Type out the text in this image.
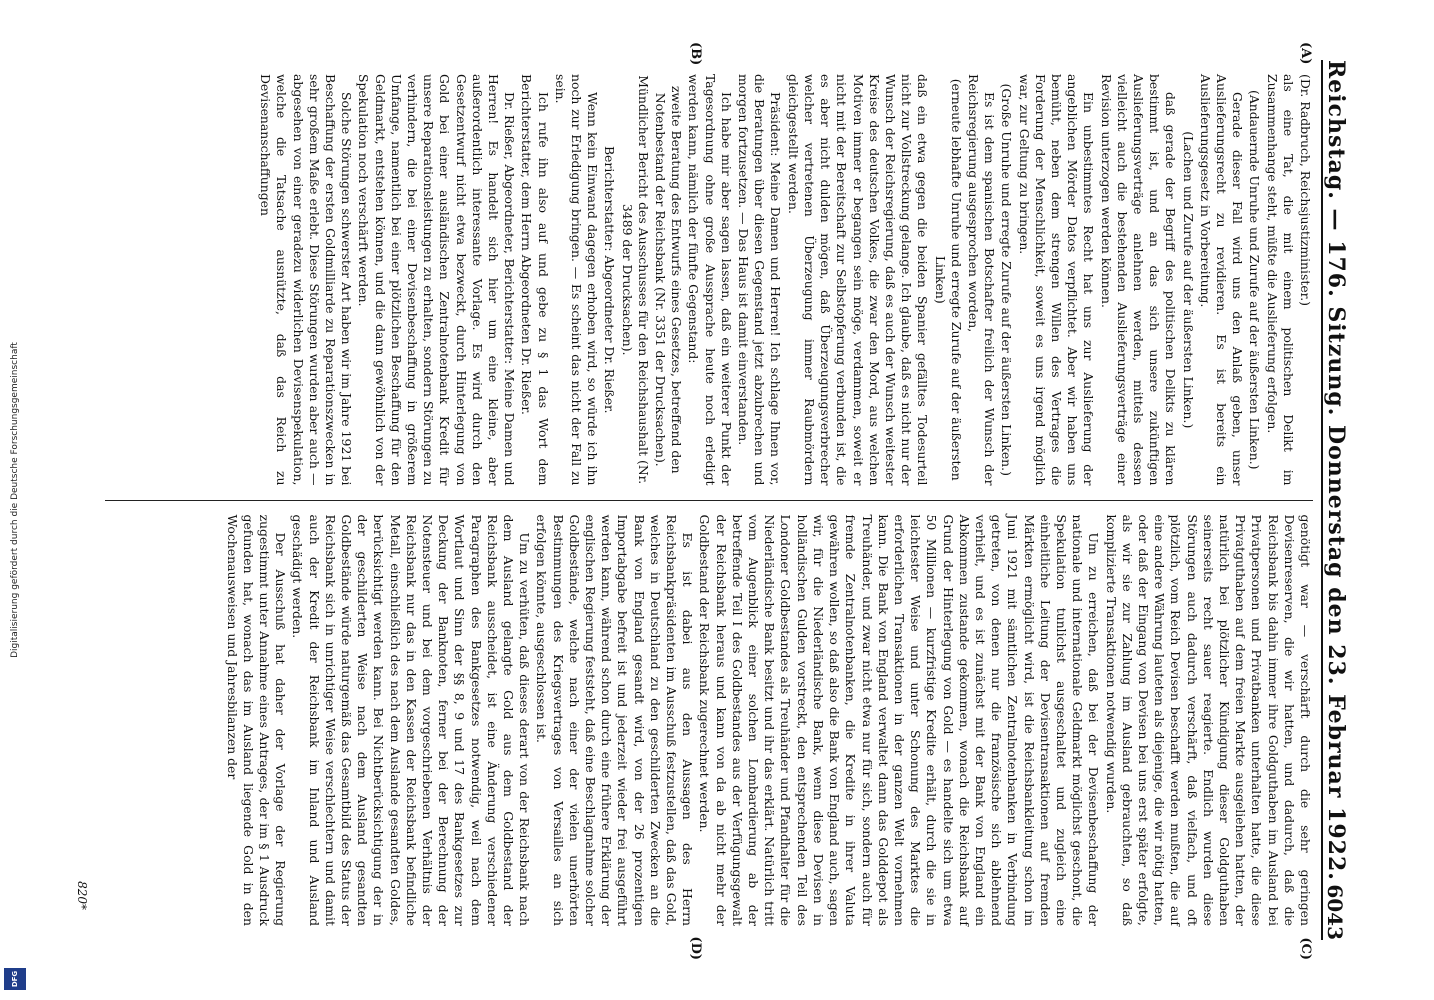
Digitalisierung gefördert durch die Deutsche Forschungsgemeinschaft
DFG
Reichstag. — 176. Sitzung. Donnerstag den 23. Februar 1922.
6043
(A)
(B)

(Dr. Radbruch, Reichsjustizminister.)

als eine Tat, die mit einem politischen Delikt im Zusammenhange steht, müßte die Auslieferung erfolgen.

(Andauernde Unruhe und Zurufe auf der äußersten Linken.)

Gerade dieser Fall wird uns den Anlaß geben, unser Auslieferungsrecht zu revidieren. Es ist bereits ein Auslieferungsgesetz in Vorbereitung.

(Lachen und Zurufe auf der äußersten Linken.)

daß gerade der Begriff des politischen Delikts zu klären bestimmt ist, und an das sich unsere zukünftigen Auslieferungsverträge anlehnen werden, mittels dessen vielleicht auch die bestehenden Auslieferungsverträge einer Revision unterzogen werden können.

Ein unbestimmtes Recht hat uns zur Auslieferung der angeblichen Mörder Datos verpflichtet. Aber wir haben uns bemüht, neben dem strengen Willen des Vertrages die Forderung der Menschlichkeit, soweit es uns irgend möglich war, zur Geltung zu bringen.

(Große Unruhe und erregte Zurufe auf der äußersten Linken.)

Es ist dem spanischen Botschafter freilich der Wunsch der Reichsregierung ausgesprochen worden,

(erneute lebhafte Unruhe und erregte Zurufe auf der äußersten Linken)

daß ein etwa gegen die beiden Spanier gefälltes Todesurteil nicht zur Vollstreckung gelange. Ich glaube, daß es nicht nur der Wunsch der Reichsregierung, daß es auch der Wunsch weitester Kreise des deutschen Volkes, die zwar den Mord, aus welchen Motiven immer er begangen sein möge, verdammen, soweit er nicht mit der Bereitschaft zur Selbstopferung verbunden ist, die es aber nicht dulden mögen, daß Überzeugungsverbrecher welcher vertretenen Überzeugung immer Raubmördern gleichgestellt werden.

Präsident: Meine Damen und Herren! Ich schlage Ihnen vor, die Beratungen über diesen Gegenstand jetzt abzubrechen und morgen fortzusetzen. — Das Haus ist damit einverstanden.

Ich habe mir aber sagen lassen, daß ein weiterer Punkt der Tagesordnung ohne große Aussprache heute noch erledigt werden kann, nämlich der fünfte Gegenstand:

zweite Beratung des Entwurfs eines Gesetzes, betreffend den Notenbestand der Reichsbank (Nr. 3351 der Drucksachen).

Mündlicher Bericht des Ausschusses für den Reichshaushalt (Nr. 3489 der Drucksachen).

Berichterstatter: Abgeordneter Dr. Rießer.

Wenn kein Einwand dagegen erhoben wird, so würde ich ihn noch zur Erledigung bringen. — Es scheint das nicht der Fall zu sein.

Ich rufe ihn also auf und gebe zu § 1 das Wort dem Berichterstatter, dem Herrn Abgeordneten Dr. Rießer.

Dr. Rießer, Abgeordneter, Berichterstatter: Meine Damen und Herren! Es handelt sich hier um eine kleine, aber außerordentlich interessante Vorlage. Es wird durch den Gesetzentwurf nicht etwa bezweckt, durch Hinterlegung von Gold bei einer ausländischen Zentralnotenbank Kredit für unsere Reparationsleistungen zu erhalten, sondern Störungen zu verhindern, die bei einer Devisenbeschaffung in größerem Umfange, namentlich bei einer plötzlichen Beschaffung für den Geldmarkt, entstehen können, und die dann gewöhnlich von der Spekulation noch verschärft werden.

Solche Störungen schwerster Art haben wir im Jahre 1921 bei Beschaffung der ersten Goldmilliarde zu Reparationszwecken in sehr großem Maße erlebt. Diese Störungen wurden aber auch — abgesehen von einer geradezu widerlichen Devisenspekulation, welche die Tatsache ausnützte, daß das Reich zu Devisenanschaffungen

(C)
(D)

genötigt war — verschärft durch die sehr geringen Devisenreserven, die wir hatten, und dadurch, daß die Reichsbank bis dahin immer ihre Goldguthaben im Ausland bei Privatpersonen und Privatbanken unterhalten hatte, die diese Privatguthaben auf dem freien Markte ausgeliehen hatten, der natürlich bei plötzlicher Kündigung dieser Goldguthaben seinerseits recht sauer reagierte. Endlich wurden diese Störungen auch dadurch verschärft, daß vielfach, und oft plötzlich, vom Reich Devisen beschafft werden mußten, die auf eine andere Währung lauteten als diejenige, die wir nötig hatten, oder daß der Eingang von Devisen bei uns erst später erfolgte, als wir sie zur Zahlung im Ausland gebrauchten, so daß komplizierte Transaktionen notwendig wurden.

Um zu erreichen, daß bei der Devisenbeschaffung der nationale und internationale Geldmarkt möglichst geschont, die Spekulation tunlichst ausgeschaltet und zugleich eine einheitliche Leitung der Devisentransaktionen auf fremden Märkten ermöglicht wird, ist die Reichsbankleitung schon im Juni 1921 mit sämtlichen Zentralnotenbanken in Verbindung getreten, von denen nur die französische sich ablehnend verhielt, und es ist zunächst mit der Bank von England ein Abkommen zustande gekommen, wonach die Reichsbank auf Grund der Hinterlegung von Gold — es handelte sich um etwa 50 Millionen — kurzfristige Kredite erhält, durch die sie in leichtester Weise und unter Schonung des Marktes die erforderlichen Transaktionen in der ganzen Welt vornehmen kann. Die Bank von England verwaltet dann das Golddepot als Treuhänder, und zwar nicht etwa nur für sich, sondern auch für fremde Zentralnotenbanken, die Kredite in ihrer Valuta gewähren wollen, so daß also die Bank von England auch, sagen wir, für die Niederländische Bank, wenn diese Devisen in holländischen Gulden vorstreckt, den entsprechenden Teil des Londoner Goldbestandes als Treuhänder und Pfandhalter für die Niederländische Bank besitzt und ihr das erklärt. Natürlich tritt vom Augenblick einer solchen Lombardierung ab der betreffende Teil I des Goldbestandes aus der Verfügungsgewalt der Reichsbank heraus und kann von da ab nicht mehr der Goldbestand der Reichsbank zugerechnet werden.

Es ist dabei aus den Aussagen des Herrn Reichsbankpräsidenten im Ausschuß festzustellen, daß das Gold, welches in Deutschland zu den geschilderten Zwecken an die Bank von England gesandt wird, von der 26 prozentigen Importabgabe befreit ist und jederzeit wieder frei ausgeführt werden kann, während schon durch eine frühere Erklärung der englischen Regierung feststeht, daß eine Beschlagnahme solcher Goldbestände, welche nach einer der vielen unerhörten Bestimmungen des Kriegsvertrages von Versailles an sich erfolgen könnte, ausgeschlossen ist.

Um zu verhüten, daß dieses derart von der Reichsbank nach dem Ausland gelangte Gold aus dem Goldbestand der Reichsbank ausscheidet, ist eine Änderung verschiedener Paragraphen des Bankgesetzes notwendig, weil nach dem Wortlaut und Sinn der §§ 8, 9 und 17 des Bankgesetzes zur Deckung der Banknoten, ferner bei der Berechnung der Notensteuer und bei dem vorgeschriebenen Verhältnis der Reichsbank nur das in den Kassen der Reichsbank befindliche Metall, einschließlich des nach dem Auslande gesandten Goldes, berücksichtigt werden kann. Bei Nichtberücksichtigung der in der geschilderten Weise nach dem Ausland gesandten Goldbestände würde naturgemäß das Gesamtbild des Status der Reichsbank sich in unrichtiger Weise verschlechtern und damit auch der Kredit der Reichsbank im Inland und Ausland geschädigt werden.

Der Ausschuß hat daher der Vorlage der Regierung zugestimmt unter Annahme eines Antrages, der im § 1 Ausdruck gefunden hat, wonach das im Ausland liegende Gold in den Wochenausweisen und Jahresbilanzen der

820*
